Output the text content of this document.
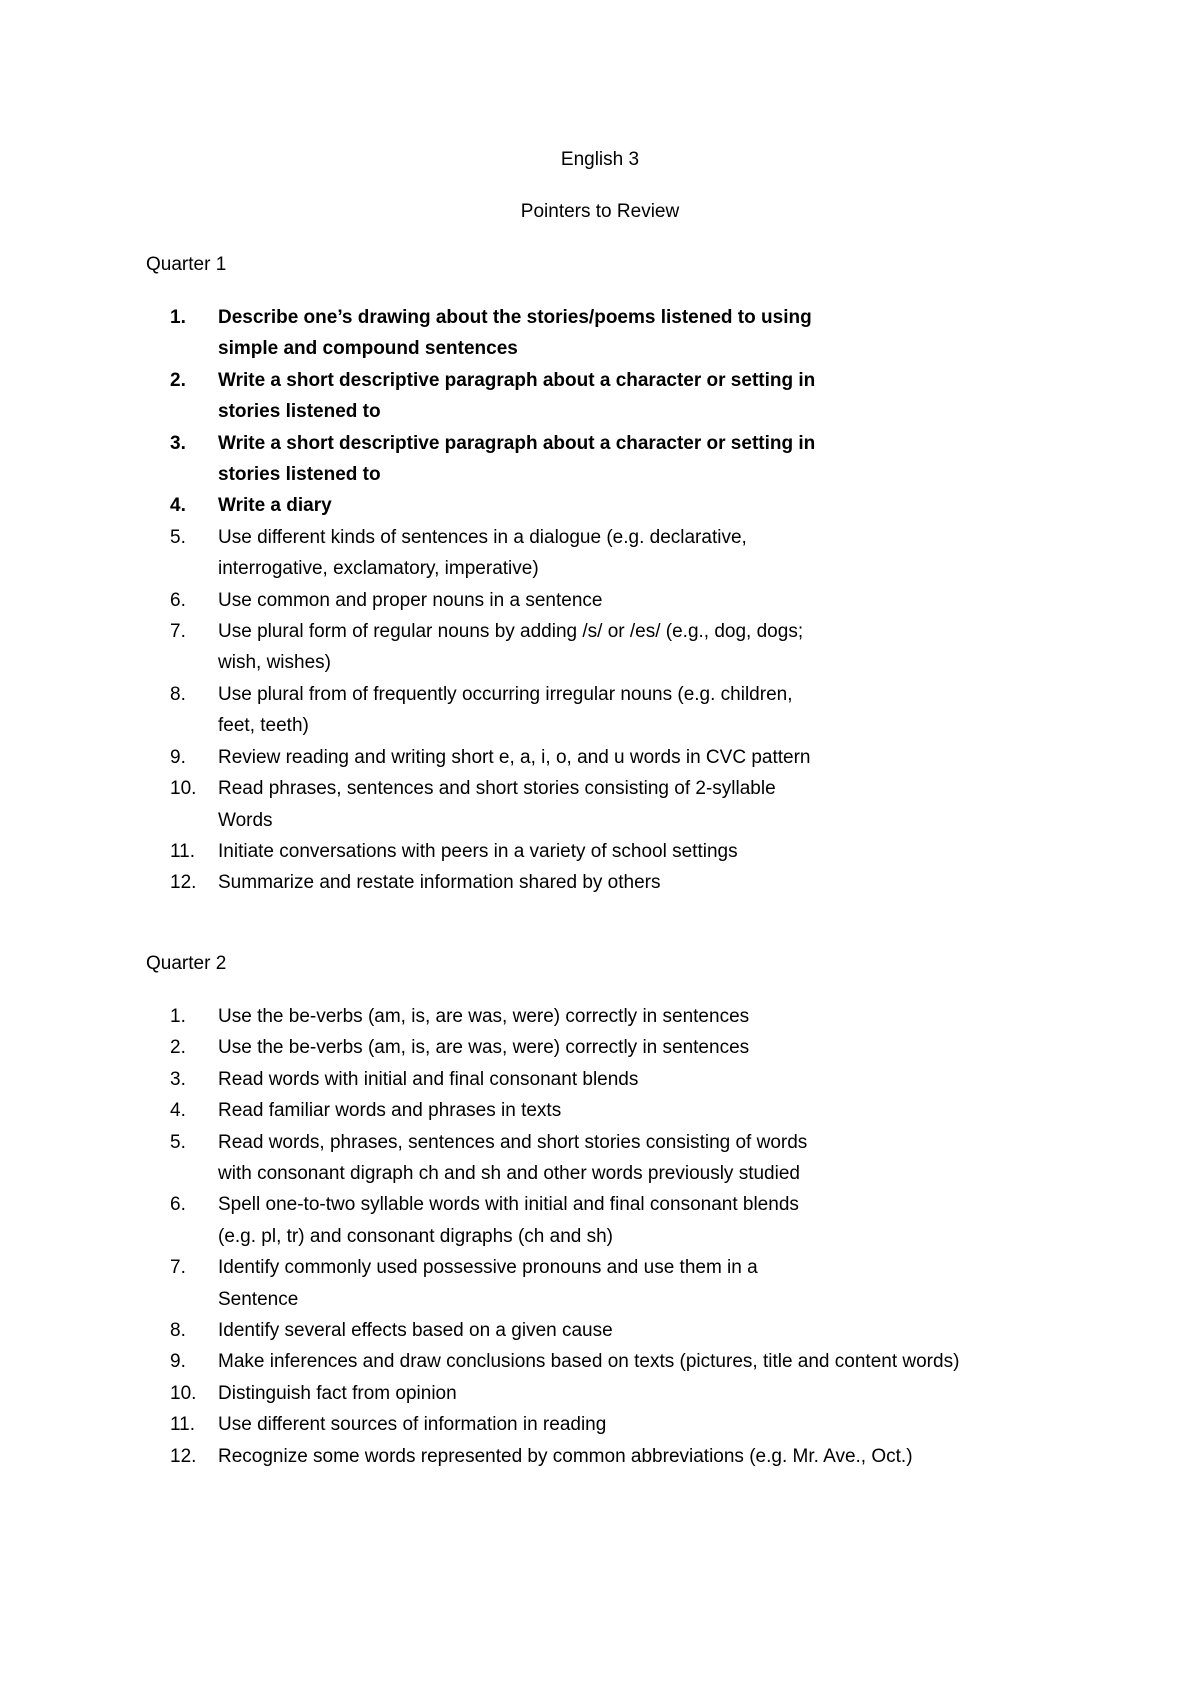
English 3
Pointers to Review
Quarter 1
1.	Describe one’s drawing about the stories/poems listened to using
simple and compound sentences
2.	Write a short descriptive paragraph about a character or setting in
stories listened to
3.	Write a short descriptive paragraph about a character or setting in
stories listened to
4.	Write a diary
5.	Use different kinds of sentences in a dialogue (e.g. declarative,
interrogative, exclamatory, imperative)
6.	Use common and proper nouns in a sentence
7.	Use plural form of regular nouns by adding /s/ or /es/ (e.g., dog, dogs;
wish, wishes)
8.	Use plural from of frequently occurring irregular nouns (e.g. children,
feet, teeth)
9.	Review reading and writing short e, a, i, o, and u words in CVC pattern
10.	Read phrases, sentences and short stories consisting of 2-syllable
Words
11.	Initiate conversations with peers in a variety of school settings
12.	Summarize and restate information shared by others
Quarter 2
1.	Use the be-verbs (am, is, are was, were) correctly in sentences
2.	Use the be-verbs (am, is, are was, were) correctly in sentences
3.	Read words with initial and final consonant blends
4.	Read familiar words and phrases in texts
5.	Read words, phrases, sentences and short stories consisting of words
with consonant digraph ch and sh and other words previously studied
6.	Spell one-to-two syllable words with initial and final consonant blends
(e.g. pl, tr) and consonant digraphs (ch and sh)
7.	Identify commonly used possessive pronouns and use them in a
Sentence
8.	Identify several effects based on a given cause
9.	Make inferences and draw conclusions based on texts (pictures, title and content words)
10.	Distinguish fact from opinion
11.	Use different sources of information in reading
12.	Recognize some words represented by common abbreviations (e.g. Mr. Ave., Oct.)
